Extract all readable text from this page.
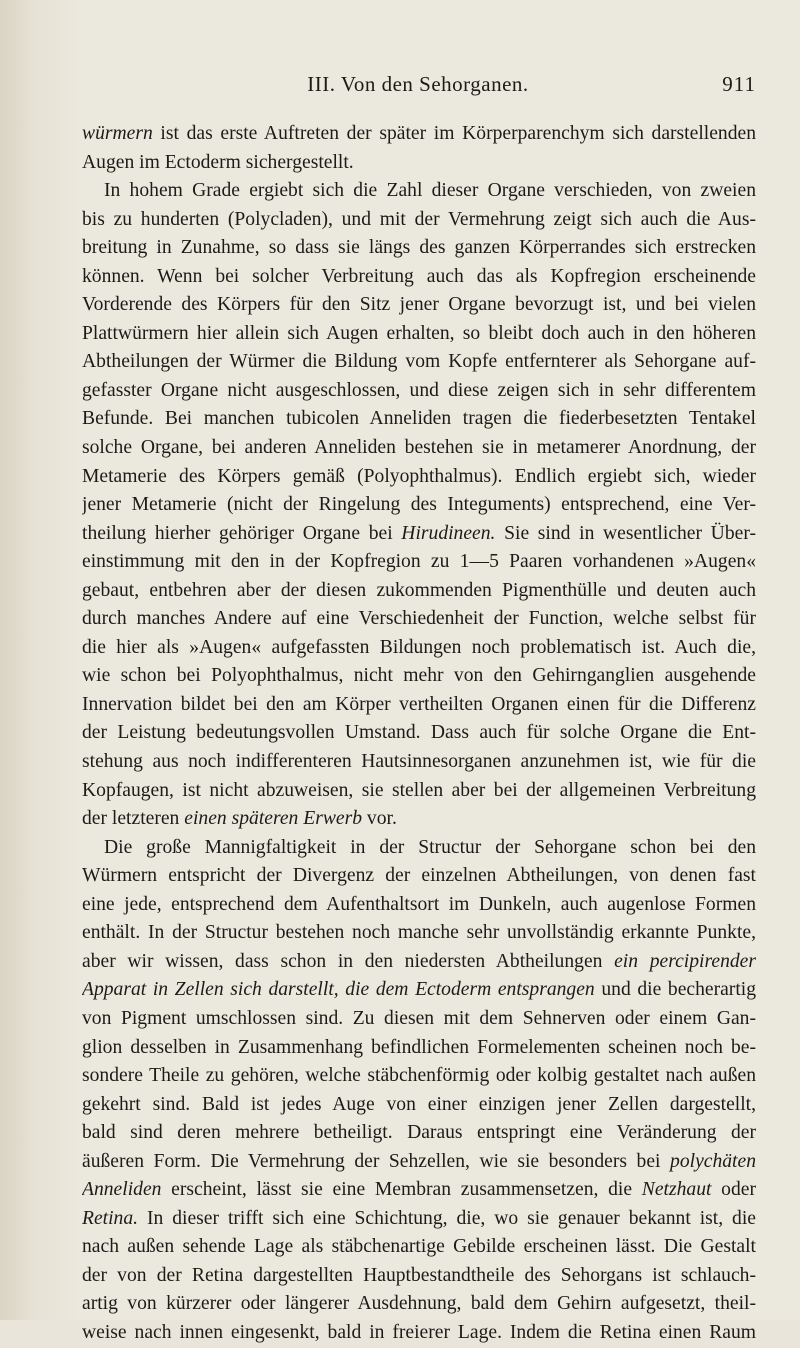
III. Von den Sehorganen.	911
würmern ist das erste Auftreten der später im Körperparenchym sich darstellenden
Augen im Ectoderm sichergestellt.
In hohem Grade ergiebt sich die Zahl dieser Organe verschieden, von zweien
bis zu hunderten (Polycladen), und mit der Vermehrung zeigt sich auch die Aus-
breitung in Zunahme, so dass sie längs des ganzen Körperrandes sich erstrecken
können. Wenn bei solcher Verbreitung auch das als Kopfregion erscheinende
Vorderende des Körpers für den Sitz jener Organe bevorzugt ist, und bei vielen
Plattwürmern hier allein sich Augen erhalten, so bleibt doch auch in den höheren
Abtheilungen der Würmer die Bildung vom Kopfe entfernterer als Sehorgane auf-
gefasster Organe nicht ausgeschlossen, und diese zeigen sich in sehr differentem
Befunde. Bei manchen tubicolen Anneliden tragen die fiederbesetzten Tentakel
solche Organe, bei anderen Anneliden bestehen sie in metamerer Anordnung, der
Metamerie des Körpers gemäß (Polyophthalmus). Endlich ergiebt sich, wieder
jener Metamerie (nicht der Ringelung des Integuments) entsprechend, eine Ver-
theilung hierher gehöriger Organe bei Hirudineen. Sie sind in wesentlicher Über-
einstimmung mit den in der Kopfregion zu 1—5 Paaren vorhandenen »Augen«
gebaut, entbehren aber der diesen zukommenden Pigmenthülle und deuten auch
durch manches Andere auf eine Verschiedenheit der Function, welche selbst für
die hier als »Augen« aufgefassten Bildungen noch problematisch ist. Auch die,
wie schon bei Polyophthalmus, nicht mehr von den Gehirnganglien ausgehende
Innervation bildet bei den am Körper vertheilten Organen einen für die Differenz
der Leistung bedeutungsvollen Umstand. Dass auch für solche Organe die Ent-
stehung aus noch indifferenteren Hautsinnesorganen anzunehmen ist, wie für die
Kopfaugen, ist nicht abzuweisen, sie stellen aber bei der allgemeinen Verbreitung
der letzteren einen späteren Erwerb vor.
Die große Mannigfaltigkeit in der Structur der Sehorgane schon bei den
Würmern entspricht der Divergenz der einzelnen Abtheilungen, von denen fast
eine jede, entsprechend dem Aufenthaltsort im Dunkeln, auch augenlose Formen
enthält. In der Structur bestehen noch manche sehr unvollständig erkannte Punkte,
aber wir wissen, dass schon in den niedersten Abtheilungen ein percipirender
Apparat in Zellen sich darstellt, die dem Ectoderm entsprangen und die becherartig
von Pigment umschlossen sind. Zu diesen mit dem Sehnerven oder einem Gan-
glion desselben in Zusammenhang befindlichen Formelementen scheinen noch be-
sondere Theile zu gehören, welche stäbchenförmig oder kolbig gestaltet nach außen
gekehrt sind. Bald ist jedes Auge von einer einzigen jener Zellen dargestellt,
bald sind deren mehrere betheiligt. Daraus entspringt eine Veränderung der
äußeren Form. Die Vermehrung der Sehzellen, wie sie besonders bei polychäten
Anneliden erscheint, lässt sie eine Membran zusammensetzen, die Netzhaut oder
Retina. In dieser trifft sich eine Schichtung, die, wo sie genauer bekannt ist, die
nach außen sehende Lage als stäbchenartige Gebilde erscheinen lässt. Die Gestalt
der von der Retina dargestellten Hauptbestandtheile des Sehorgans ist schlauch-
artig von kürzerer oder längerer Ausdehnung, bald dem Gehirn aufgesetzt, theil-
weise nach innen eingesenkt, bald in freierer Lage. Indem die Retina einen Raum
